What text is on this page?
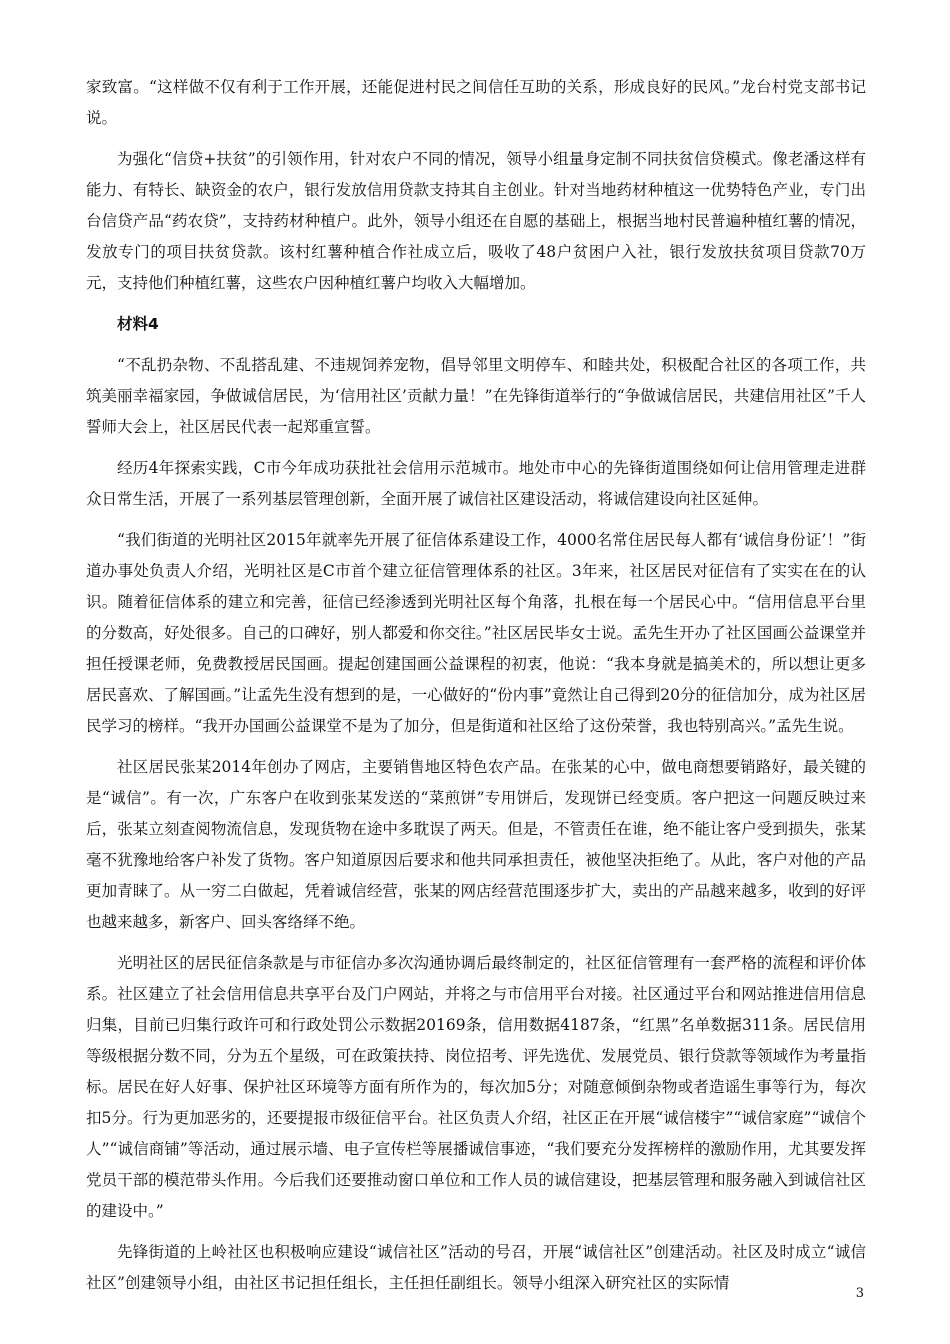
家致富。“这样做不仅有利于工作开展，还能促进村民之间信任互助的关系，形成良好的民风。”龙台村党支部书记说。

为强化“信贷+扶贫”的引领作用，针对农户不同的情况，领导小组量身定制不同扶贫信贷模式。像老潘这样有能力、有特长、缺资金的农户，银行发放信用贷款支持其自主创业。针对当地药材种植这一优势特色产业，专门出台信贷产品“药农贷”，支持药材种植户。此外，领导小组还在自愿的基础上，根据当地村民普遍种植红薯的情况，发放专门的项目扶贫贷款。该村红薯种植合作社成立后，吸收了48户贫困户入社，银行发放扶贫项目贷款70万元，支持他们种植红薯，这些农户因种植红薯户均收入大幅增加。

材料4

“不乱扔杂物、不乱搭乱建、不违规饲养宠物，倡导邻里文明停车、和睦共处，积极配合社区的各项工作，共筑美丽幸福家园，争做诚信居民，为‘信用社区’贡献力量！”在先锋街道举行的“争做诚信居民，共建信用社区”千人誓师大会上，社区居民代表一起郑重宣誓。

经历4年探索实践，C市今年成功获批社会信用示范城市。地处市中心的先锋街道围绕如何让信用管理走进群众日常生活，开展了一系列基层管理创新，全面开展了诚信社区建设活动，将诚信建设向社区延伸。

“我们街道的光明社区2015年就率先开展了征信体系建设工作，4000名常住居民每人都有‘诚信身份证’！”街道办事处负责人介绍，光明社区是C市首个建立征信管理体系的社区。3年来，社区居民对征信有了实实在在的认识。随着征信体系的建立和完善，征信已经渗透到光明社区每个角落，扎根在每一个居民心中。“信用信息平台里的分数高，好处很多。自己的口碑好，别人都爱和你交往。”社区居民毕女士说。孟先生开办了社区国画公益课堂并担任授课老师，免费教授居民国画。提起创建国画公益课程的初衷，他说：“我本身就是搞美术的，所以想让更多居民喜欢、了解国画。”让孟先生没有想到的是，一心做好的“份内事”竟然让自己得到20分的征信加分，成为社区居民学习的榜样。“我开办国画公益课堂不是为了加分，但是街道和社区给了这份荣誉，我也特别高兴。”孟先生说。

社区居民张某2014年创办了网店，主要销售地区特色农产品。在张某的心中，做电商想要销路好，最关键的是“诚信”。有一次，广东客户在收到张某发送的“菜煎饼”专用饼后，发现饼已经变质。客户把这一问题反映过来后，张某立刻查阅物流信息，发现货物在途中多耽误了两天。但是，不管责任在谁，绝不能让客户受到损失，张某毫不犹豫地给客户补发了货物。客户知道原因后要求和他共同承担责任，被他坚决拒绝了。从此，客户对他的产品更加青睐了。从一穷二白做起，凭着诚信经营，张某的网店经营范围逐步扩大，卖出的产品越来越多，收到的好评也越来越多，新客户、回头客络绎不绝。

光明社区的居民征信条款是与市征信办多次沟通协调后最终制定的，社区征信管理有一套严格的流程和评价体系。社区建立了社会信用信息共享平台及门户网站，并将之与市信用平台对接。社区通过平台和网站推进信用信息归集，目前已归集行政许可和行政处罚公示数据20169条，信用数据4187条，“红黑”名单数据311条。居民信用等级根据分数不同，分为五个星级，可在政策扶持、岗位招考、评先选优、发展党员、银行贷款等领域作为考量指标。居民在好人好事、保护社区环境等方面有所作为的，每次加5分；对随意倾倒杂物或者造谣生事等行为，每次扣5分。行为更加恶劣的，还要提报市级征信平台。社区负责人介绍，社区正在开展“诚信楼宇”“诚信家庭”“诚信个人”“诚信商铺”等活动，通过展示墙、电子宣传栏等展播诚信事迹，“我们要充分发挥榜样的激励作用，尤其要发挥党员干部的模范带头作用。今后我们还要推动窗口单位和工作人员的诚信建设，把基层管理和服务融入到诚信社区的建设中。”

先锋街道的上岭社区也积极响应建设“诚信社区”活动的号召，开展“诚信社区”创建活动。社区及时成立“诚信社区”创建领导小组，由社区书记担任组长，主任担任副组长。领导小组深入研究社区的实际情

3
